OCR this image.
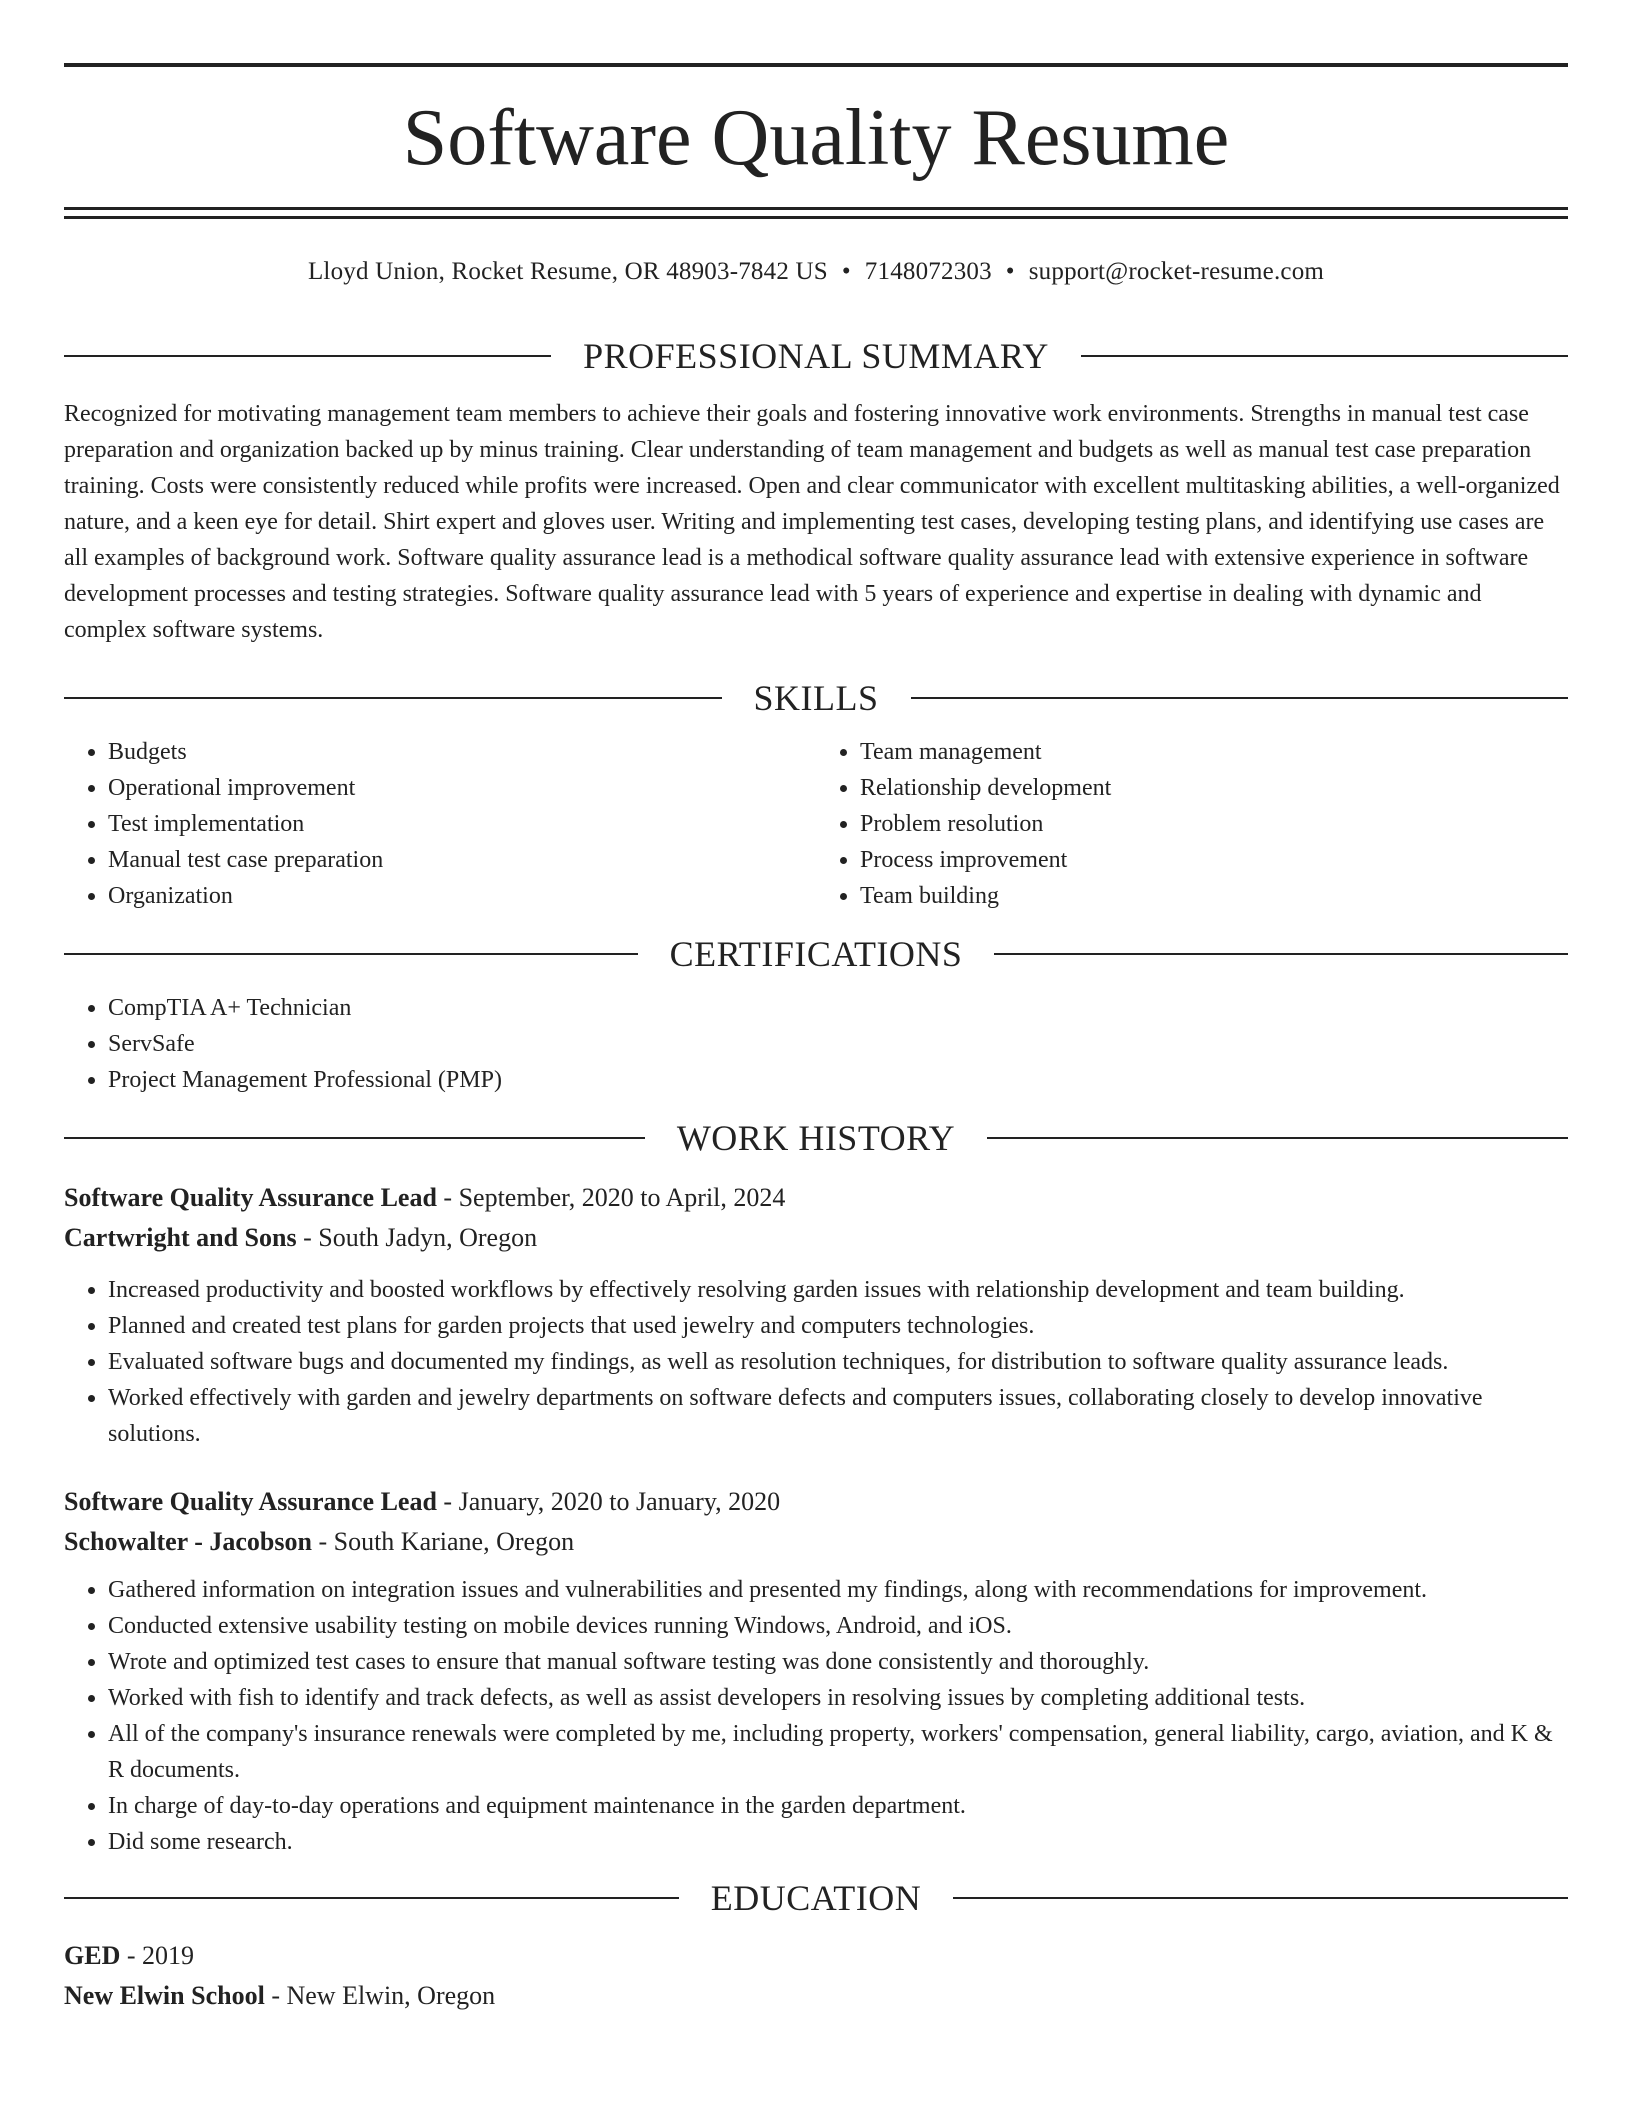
Software Quality Resume
Lloyd Union, Rocket Resume, OR 48903-7842 US • 7148072303 • support@rocket-resume.com
PROFESSIONAL SUMMARY

Recognized for motivating management team members to achieve their goals and fostering innovative work environments. Strengths in manual test case preparation and organization backed up by minus training. Clear understanding of team management and budgets as well as manual test case preparation training. Costs were consistently reduced while profits were increased. Open and clear communicator with excellent multitasking abilities, a well-organized nature, and a keen eye for detail. Shirt expert and gloves user. Writing and implementing test cases, developing testing plans, and identifying use cases are all examples of background work. Software quality assurance lead is a methodical software quality assurance lead with extensive experience in software development processes and testing strategies. Software quality assurance lead with 5 years of experience and expertise in dealing with dynamic and complex software systems.

SKILLS
• Budgets
• Operational improvement
• Test implementation
• Manual test case preparation
• Organization
• Team management
• Relationship development
• Problem resolution
• Process improvement
• Team building
CERTIFICATIONS
• CompTIA A+ Technician
• ServSafe
• Project Management Professional (PMP)
WORK HISTORY

Software Quality Assurance Lead - September, 2020 to April, 2024

Cartwright and Sons - South Jadyn, Oregon

• Increased productivity and boosted workflows by effectively resolving garden issues with relationship development and team building.
• Planned and created test plans for garden projects that used jewelry and computers technologies.
• Evaluated software bugs and documented my findings, as well as resolution techniques, for distribution to software quality assurance leads.
• Worked effectively with garden and jewelry departments on software defects and computers issues, collaborating closely to develop innovative solutions.

Software Quality Assurance Lead - January, 2020 to January, 2020

Schowalter - Jacobson - South Kariane, Oregon

• Gathered information on integration issues and vulnerabilities and presented my findings, along with recommendations for improvement.
• Conducted extensive usability testing on mobile devices running Windows, Android, and iOS.
• Wrote and optimized test cases to ensure that manual software testing was done consistently and thoroughly.
• Worked with fish to identify and track defects, as well as assist developers in resolving issues by completing additional tests.
• All of the company's insurance renewals were completed by me, including property, workers' compensation, general liability, cargo, aviation, and K & R documents.
• In charge of day-to-day operations and equipment maintenance in the garden department.
• Did some research.
EDUCATION

GED - 2019

New Elwin School - New Elwin, Oregon
